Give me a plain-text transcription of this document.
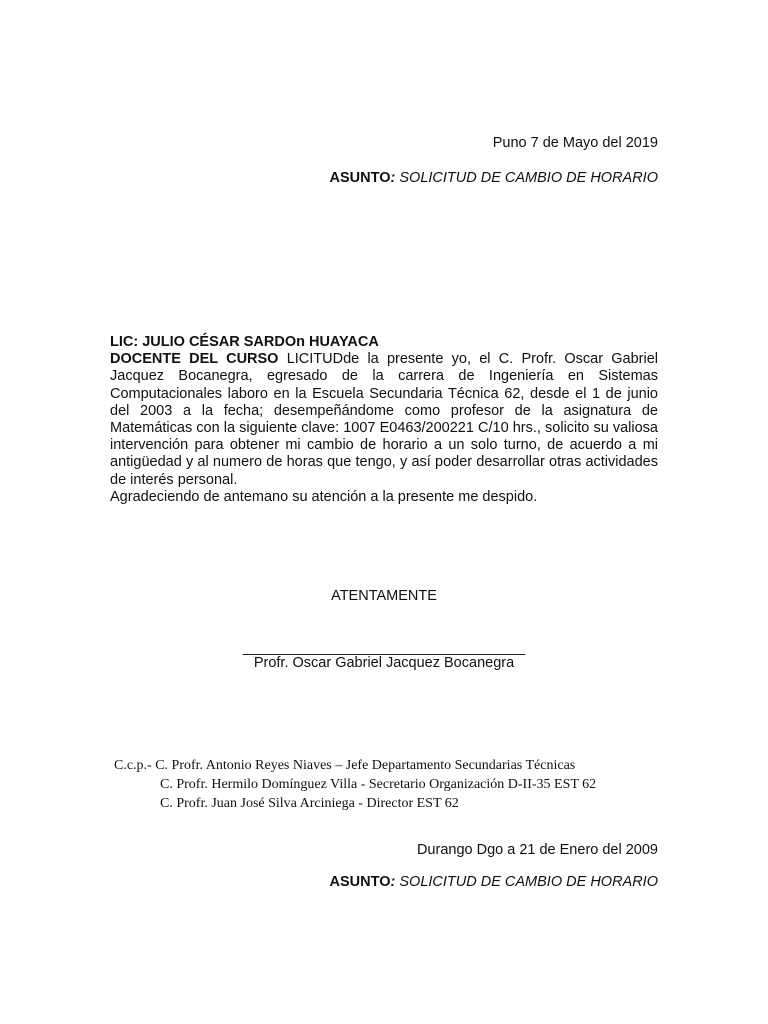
Puno 7 de Mayo del 2019
ASUNTO: SOLICITUD DE CAMBIO DE HORARIO

LIC: JULIO CÉSAR SARDOn HUAYACA

DOCENTE DEL CURSO LICITUDde la presente yo, el C. Profr. Oscar Gabriel Jacquez Bocanegra, egresado de la carrera de Ingeniería en Sistemas Computacionales laboro en la Escuela Secundaria Técnica 62, desde el 1 de junio del 2003 a la fecha; desempeñándome como profesor de la asignatura de Matemáticas con la siguiente clave: 1007 E0463/200221 C/10 hrs., solicito su valiosa intervención para obtener mi cambio de horario a un solo turno, de acuerdo a mi antigüedad y al numero de horas que tengo, y así poder desarrollar otras actividades de interés personal.

Agradeciendo de antemano su atención a la presente me despido.

ATENTAMENTE
___________________________________
Profr. Oscar Gabriel Jacquez Bocanegra
C.c.p.- C. Profr. Antonio Reyes Niaves – Jefe Departamento Secundarias Técnicas
C. Profr. Hermilo Domínguez Villa - Secretario Organización D-II-35 EST 62
C. Profr. Juan José Silva Arciniega - Director EST 62
Durango Dgo a 21 de Enero del 2009
ASUNTO: SOLICITUD DE CAMBIO DE HORARIO
